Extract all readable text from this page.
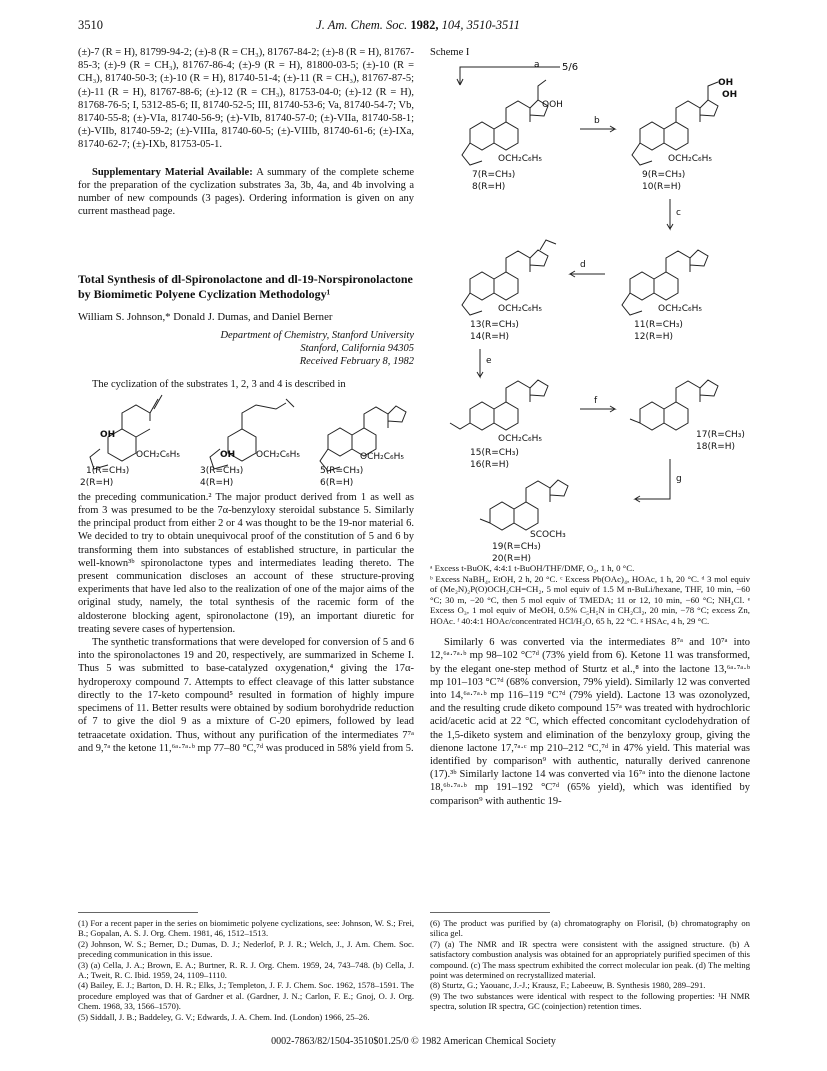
3510	J. Am. Chem. Soc. 1982, 104, 3510-3511

(±)-7 (R = H), 81799-94-2; (±)-8 (R = CH₃), 81767-84-2; (±)-8 (R = H), 81767-85-3; (±)-9 (R = CH₃), 81767-86-4; (±)-9 (R = H), 81800-03-5; (±)-10 (R = CH₃), 81740-50-3; (±)-10 (R = H), 81740-51-4; (±)-11 (R = CH₃), 81767-87-5; (±)-11 (R = H), 81767-88-6; (±)-12 (R = CH₃), 81753-04-0; (±)-12 (R = H), 81768-76-5; I, 5312-85-6; II, 81740-52-5; III, 81740-53-6; Va, 81740-54-7; Vb, 81740-55-8; (±)-VIa, 81740-56-9; (±)-VIb, 81740-57-0; (±)-VIIa, 81740-58-1; (±)-VIIb, 81740-59-2; (±)-VIIIa, 81740-60-5; (±)-VIIIb, 81740-61-6; (±)-IXa, 81740-62-7; (±)-IXb, 81753-05-1.

Supplementary Material Available: A summary of the complete scheme for the preparation of the cyclization substrates 3a, 3b, 4a, and 4b involving a number of new compounds (3 pages). Ordering information is given on any current masthead page.

Total Synthesis of dl-Spironolactone and dl-19-Norspironolactone by Biomimetic Polyene Cyclization Methodology¹

William S. Johnson,* Donald J. Dumas, and Daniel Berner

Department of Chemistry, Stanford University

Stanford, California 94305

Received February 8, 1982

The cyclization of the substrates 1, 2, 3 and 4 is described in

OH
OCH₂C₆H₅	OH OCH₂C₆H₅	OCH₂C₆H₅
1(R=CH₃)
2(R=H)
3(R=CH₃)
4(R=H)
5(R=CH₃)
6(R=H)

the preceding communication.² The major product derived from 1 as well as from 3 was presumed to be the 7α-benzyloxy steroidal substance 5. Similarly the principal product from either 2 or 4 was thought to be the 19-nor material 6. We decided to try to obtain unequivocal proof of the constitution of 5 and 6 by transforming them into substances of established structure, in particular the well-known³ᵇ spironolactone types and intermediates leading thereto. The present communication discloses an account of these structure-proving experiments that have led also to the realization of one of the major aims of the original study, namely, the total synthesis of the racemic form of the aldosterone blocking agent, spironolactone (19), an important diuretic for treating severe cases of hypertension.

The synthetic transformations that were developed for conversion of 5 and 6 into the spironolactones 19 and 20, respectively, are summarized in Scheme I. Thus 5 was submitted to base-catalyzed oxygenation,⁴ giving the 17α-hydroperoxy compound 7. Attempts to effect cleavage of this latter substance directly to the 17-keto compound⁵ resulted in formation of highly impure specimens of 11. Better results were obtained by sodium borohydride reduction of 7 to give the diol 9 as a mixture of C-20 epimers, followed by lead tetraacetate oxidation. Thus, without any purification of the intermediates 7⁷ᵃ and 9,⁷ᵃ the ketone 11,⁶ᵃ·⁷ᵃ·ᵇ mp 77–80 °C,⁷ᵈ was produced in 58% yield from 5.

(1) For a recent paper in the series on biomimetic polyene cyclizations, see: Johnson, W. S.; Frei, B.; Gopalan, A. S. J. Org. Chem. 1981, 46, 1512–1513.

(2) Johnson, W. S.; Berner, D.; Dumas, D. J.; Nederlof, P. J. R.; Welch, J., J. Am. Chem. Soc. preceding communication in this issue.

(3) (a) Cella, J. A.; Brown, E. A.; Burtner, R. R. J. Org. Chem. 1959, 24, 743–748. (b) Cella, J. A.; Tweit, R. C. Ibid. 1959, 24, 1109–1110.

(4) Bailey, E. J.; Barton, D. H. R.; Elks, J.; Templeton, J. F. J. Chem. Soc. 1962, 1578–1591. The procedure employed was that of Gardner et al. (Gardner, J. N.; Carlon, F. E.; Gnoj, O. J. Org. Chem. 1968, 33, 1566–1570).

(5) Siddall, J. B.; Baddeley, G. V.; Edwards, J. A. Chem. Ind. (London) 1966, 25–26.

Scheme I

a 5/6
OOH
OCH₂C₆H₅
7(R=CH₃)
8(R=H)
b
OH
OH
OCH₂C₆H₅
9(R=CH₃)
10(R=H)
c
d
OCH₂C₆H₅
11(R=CH₃)
12(R=H)
OCH₂C₆H₅
13(R=CH₃)
14(R=H)
e
OCH₂C₆H₅
15(R=CH₃)
16(R=H)
f
17(R=CH₃)
18(R=H)
g
SCOCH₃
19(R=CH₃)
20(R=H)

ᵃ Excess t-BuOK, 4:4:1 t-BuOH/THF/DMF, O₂, 1 h, 0 °C.

ᵇ Excess NaBH₄, EtOH, 2 h, 20 °C. ᶜ Excess Pb(OAc)₄, HOAc, 1 h, 20 °C. ᵈ 3 mol equiv of (Me₂N)₂P(O)OCH₂CH=CH₂, 5 mol equiv of 1.5 M n-BuLi/hexane, THF, 10 min, −60 °C; 30 m, −20 °C, then 5 mol equiv of TMEDA; 11 or 12, 10 min, −60 °C; NH₄Cl. ᵉ Excess O₃, 1 mol equiv of MeOH, 0.5% C₅H₅N in CH₂Cl₂, 20 min, −78 °C; excess Zn, HOAc. ᶠ 40:4:1 HOAc/concentrated HCl/H₂O, 65 h, 22 °C. ᵍ HSAc, 4 h, 29 °C.

Similarly 6 was converted via the intermediates 8⁷ᵃ and 10⁷ᵃ into 12,⁶ᵃ·⁷ᵃ·ᵇ mp 98–102 °C⁷ᵈ (73% yield from 6). Ketone 11 was transformed, by the elegant one-step method of Sturtz et al.,⁸ into the lactone 13,⁶ᵃ·⁷ᵃ·ᵇ mp 101–103 °C⁷ᵈ (68% conversion, 79% yield). Similarly 12 was converted into 14,⁶ᵃ·⁷ᵃ·ᵇ mp 116–119 °C⁷ᵈ (79% yield). Lactone 13 was ozonolyzed, and the resulting crude diketo compound 15⁷ᵃ was treated with hydrochloric acid/acetic acid at 22 °C, which effected concomitant cyclodehydration of the 1,5-diketo system and elimination of the benzyloxy group, giving the dienone lactone 17,⁷ᵃ·ᶜ mp 210–212 °C,⁷ᵈ in 47% yield. This material was identified by comparison⁹ with authentic, naturally derived canrenone (17).³ᵇ Similarly lactone 14 was converted via 16⁷ᵃ into the dienone lactone 18,⁶ᵇ·⁷ᵃ·ᵇ mp 191–192 °C⁷ᵈ (65% yield), which was identified by comparison⁹ with authentic 19-

(6) The product was purified by (a) chromatography on Florisil, (b) chromatography on silica gel.

(7) (a) The NMR and IR spectra were consistent with the assigned structure. (b) A satisfactory combustion analysis was obtained for an appropriately purified specimen of this compound. (c) The mass spectrum exhibited the correct molecular ion peak. (d) The melting point was determined on recrystallized material.

(8) Sturtz, G.; Yaouanc, J.-J.; Krausz, F.; Labeeuw, B. Synthesis 1980, 289–291.

(9) The two substances were identical with respect to the following properties: ¹H NMR spectra, solution IR spectra, GC (coinjection) retention times.

0002-7863/82/1504-3510$01.25/0 © 1982 American Chemical Society
